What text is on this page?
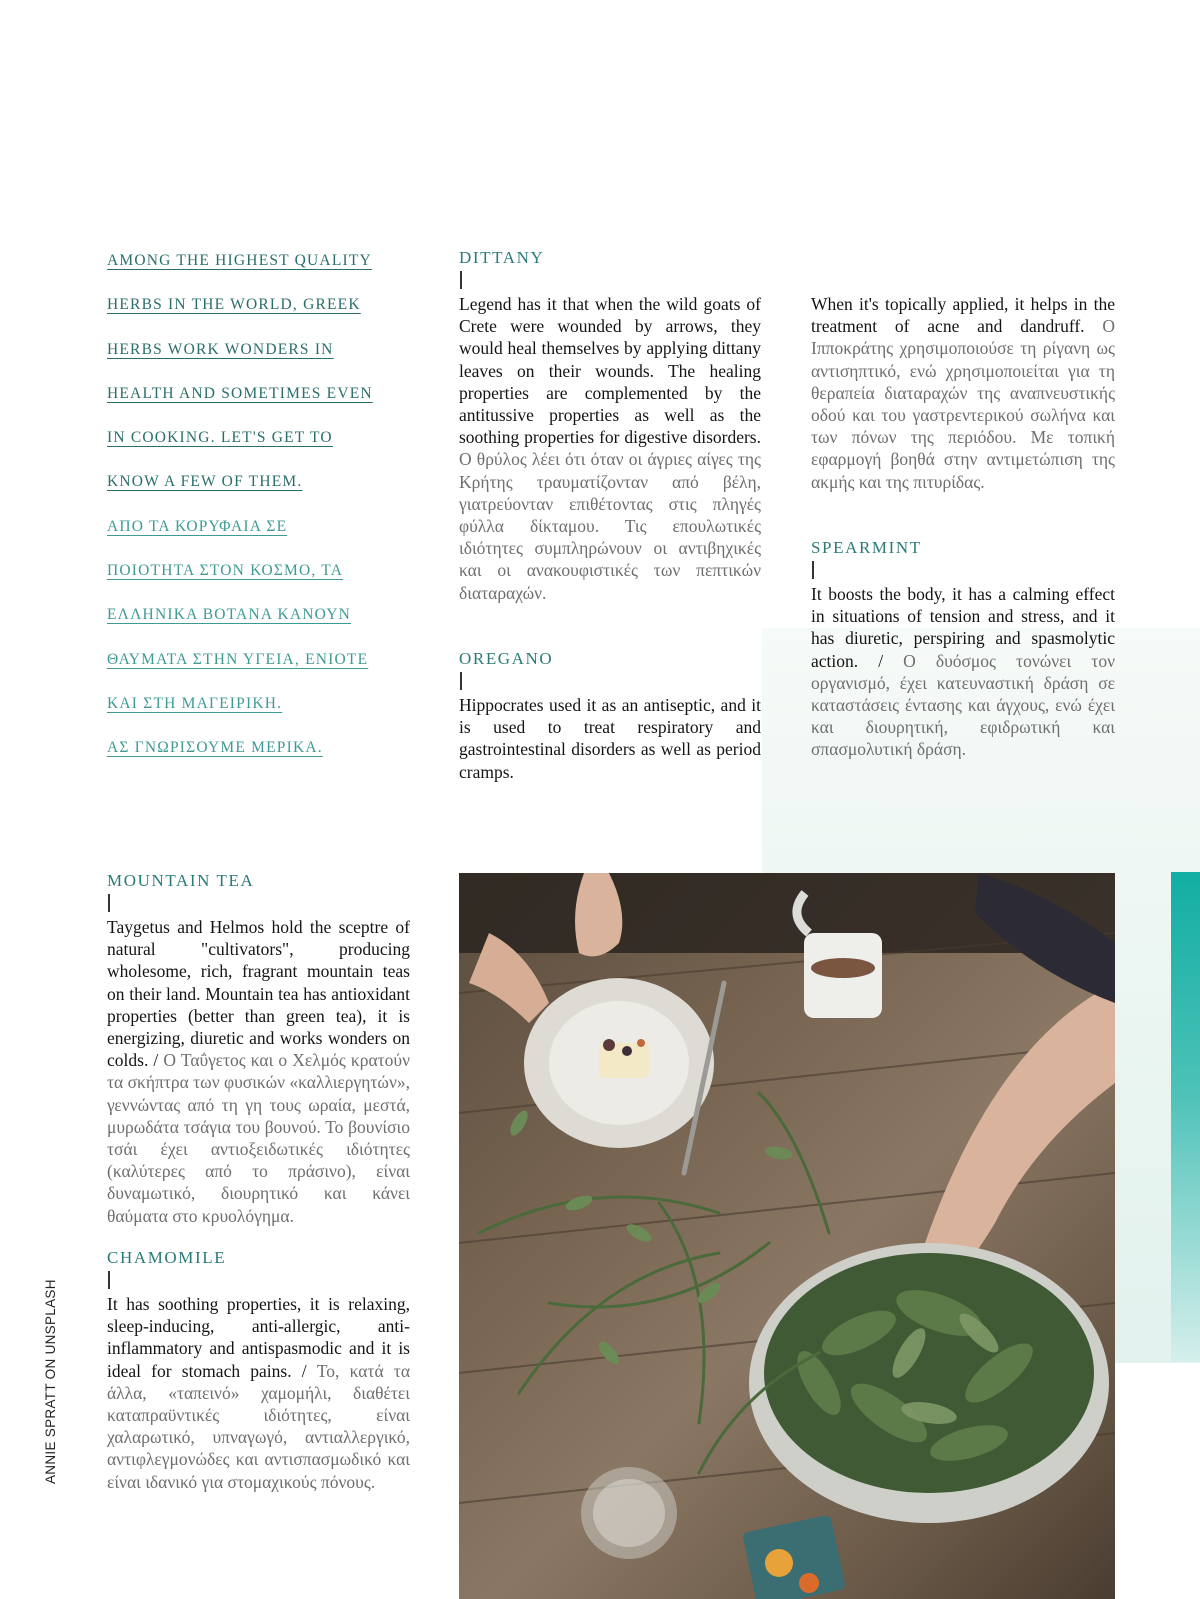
AMONG THE HIGHEST QUALITY
HERBS IN THE WORLD, GREEK
HERBS WORK WONDERS IN
HEALTH AND SOMETIMES EVEN
IN COOKING. LET'S GET TO
KNOW A FEW OF THEM.
ΑΠΟ ΤΑ ΚΟΡΥΦΑΙΑ ΣΕ
ΠΟΙΟΤΗΤΑ ΣΤΟΝ ΚΟΣΜΟ, ΤΑ
ΕΛΛΗΝΙΚΑ ΒΟΤΑΝΑ ΚΑΝΟΥΝ
ΘΑΥΜΑΤΑ ΣΤΗΝ ΥΓΕΙΑ, ΕΝΙΟΤΕ
ΚΑΙ ΣΤΗ ΜΑΓΕΙΡΙΚΗ.
ΑΣ ΓΝΩΡΙΣΟΥΜΕ ΜΕΡΙΚΑ.
DITTANY
Legend has it that when the wild goats of Crete were wounded by arrows, they would heal themselves by applying dittany leaves on their wounds. The healing properties are complemented by the antitussive properties as well as the soothing properties for digestive disorders. Ο θρύλος λέει ότι όταν οι άγριες αίγες της Κρήτης τραυματίζονταν από βέλη, γιατρεύονταν επιθέτοντας στις πληγές φύλλα δίκταμου. Τις επουλωτικές ιδιότητες συμπληρώνουν οι αντιβηχικές και οι ανακουφιστικές των πεπτικών διαταραχών.
OREGANO
Hippocrates used it as an antiseptic, and it is used to treat respiratory and gastrointestinal disorders as well as period cramps.
When it's topically applied, it helps in the treatment of acne and dandruff. Ο Ιπποκράτης χρησιμοποιούσε τη ρίγανη ως αντισηπτικό, ενώ χρησιμοποιείται για τη θεραπεία διαταραχών της αναπνευστικής οδού και του γαστρεντερικού σωλήνα και των πόνων της περιόδου. Με τοπική εφαρμογή βοηθά στην αντιμετώπιση της ακμής και της πιτυρίδας.
SPEARMINT
It boosts the body, it has a calming effect in situations of tension and stress, and it has diuretic, perspiring and spasmolytic action. / Ο δυόσμος τονώνει τον οργανισμό, έχει κατευναστική δράση σε καταστάσεις έντασης και άγχους, ενώ έχει και διουρητική, εφιδρωτική και σπασμολυτική δράση.
MOUNTAIN TEA
Taygetus and Helmos hold the sceptre of natural "cultivators", producing wholesome, rich, fragrant mountain teas on their land. Mountain tea has antioxidant properties (better than green tea), it is energizing, diuretic and works wonders on colds. / Ο Ταΰγετος και ο Χελμός κρατούν τα σκήπτρα των φυσικών «καλλιεργητών», γεννώντας από τη γη τους ωραία, μεστά, μυρωδάτα τσάγια του βουνού. Το βουνίσιο τσάι έχει αντιοξειδωτικές ιδιότητες (καλύτερες από το πράσινο), είναι δυναμωτικό, διουρητικό και κάνει θαύματα στο κρυολόγημα.
CHAMOMILE
It has soothing properties, it is relaxing, sleep-inducing, anti-allergic, anti-inflammatory and antispasmodic and it is ideal for stomach pains. / Το, κατά τα άλλα, «ταπεινό» χαμομήλι, διαθέτει καταπραϋντικές ιδιότητες, είναι χαλαρωτικό, υπναγωγό, αντιαλλεργικό, αντιφλεγμονώδες και αντισπασμωδικό και είναι ιδανικό για στομαχικούς πόνους.
ANNIE SPRATT ON UNSPLASH
